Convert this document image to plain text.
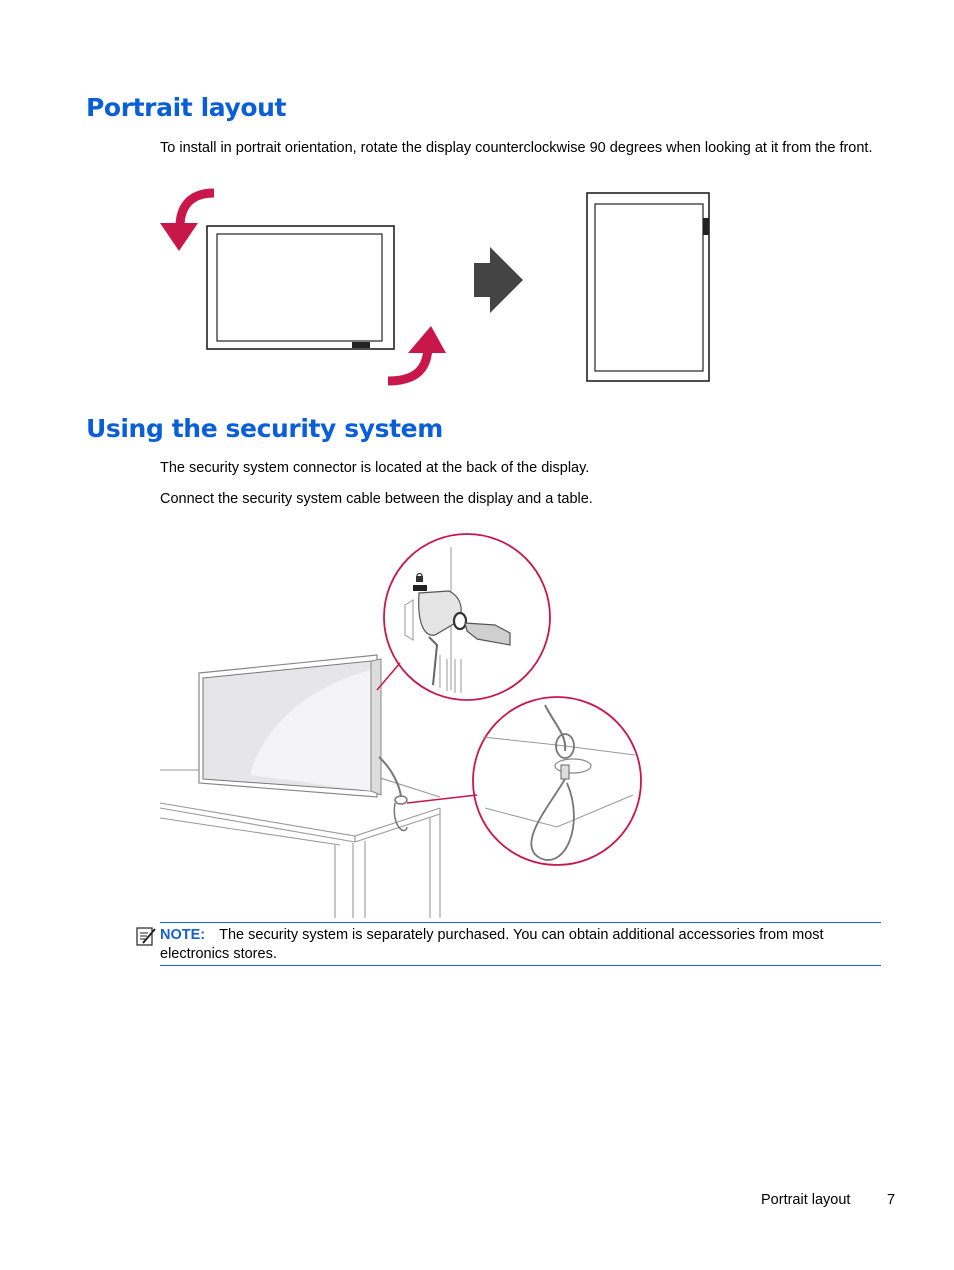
Portrait layout

To install in portrait orientation, rotate the display counterclockwise 90 degrees when looking at it from the front.

Using the security system

The security system connector is located at the back of the display.

Connect the security system cable between the display and a table.

NOTE: The security system is separately purchased. You can obtain additional accessories from most electronics stores.

Portrait layout	7
